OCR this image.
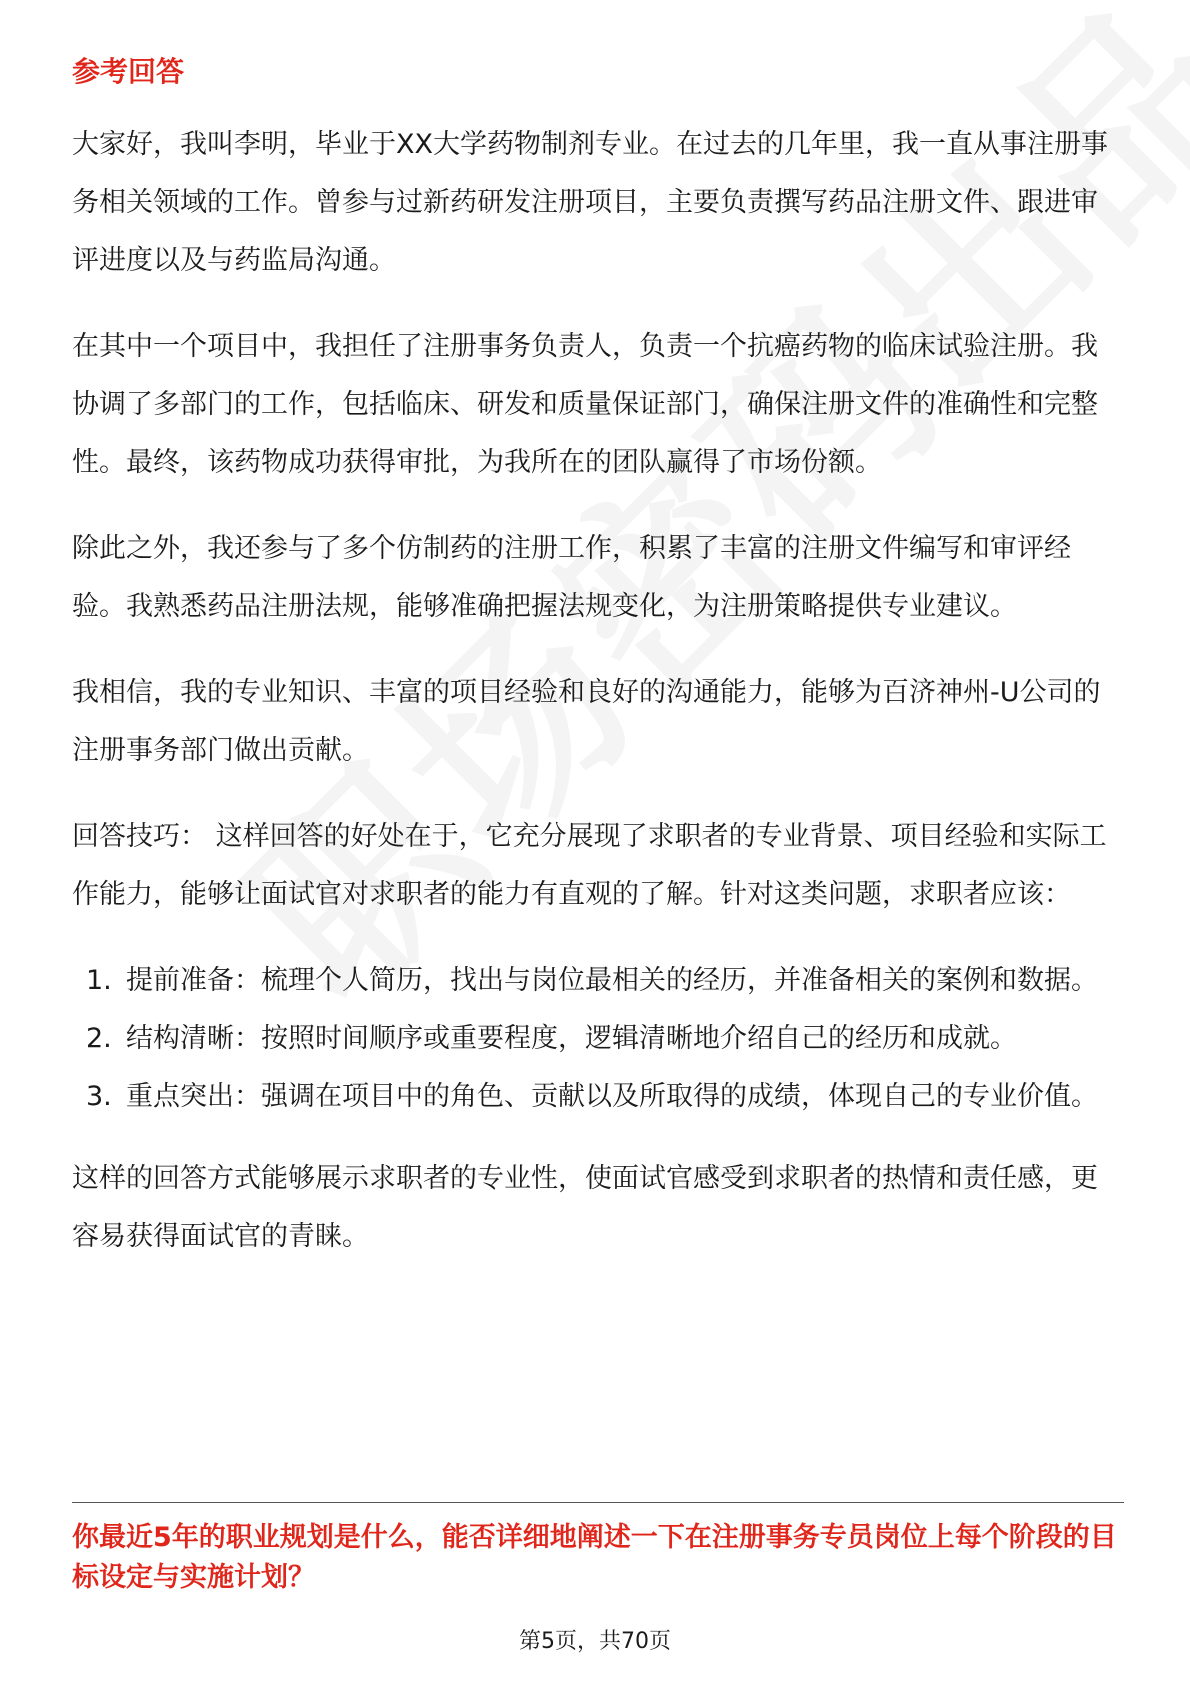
参考回答

大家好，我叫李明，毕业于XX大学药物制剂专业。在过去的几年里，我一直从事注册事务相关领域的工作。曾参与过新药研发注册项目，主要负责撰写药品注册文件、跟进审评进度以及与药监局沟通。

在其中一个项目中，我担任了注册事务负责人，负责一个抗癌药物的临床试验注册。我协调了多部门的工作，包括临床、研发和质量保证部门，确保注册文件的准确性和完整性。最终，该药物成功获得审批，为我所在的团队赢得了市场份额。

除此之外，我还参与了多个仿制药的注册工作，积累了丰富的注册文件编写和审评经验。我熟悉药品注册法规，能够准确把握法规变化，为注册策略提供专业建议。

我相信，我的专业知识、丰富的项目经验和良好的沟通能力，能够为百济神州-U公司的注册事务部门做出贡献。

回答技巧： 这样回答的好处在于，它充分展现了求职者的专业背景、项目经验和实际工作能力，能够让面试官对求职者的能力有直观的了解。针对这类问题，求职者应该：

1. 提前准备：梳理个人简历，找出与岗位最相关的经历，并准备相关的案例和数据。
2. 结构清晰：按照时间顺序或重要程度，逻辑清晰地介绍自己的经历和成就。
3. 重点突出：强调在项目中的角色、贡献以及所取得的成绩，体现自己的专业价值。

这样的回答方式能够展示求职者的专业性，使面试官感受到求职者的热情和责任感，更容易获得面试官的青睐。

你最近5年的职业规划是什么，能否详细地阐述一下在注册事务专员岗位上每个阶段的目标设定与实施计划？
第5页，共70页
